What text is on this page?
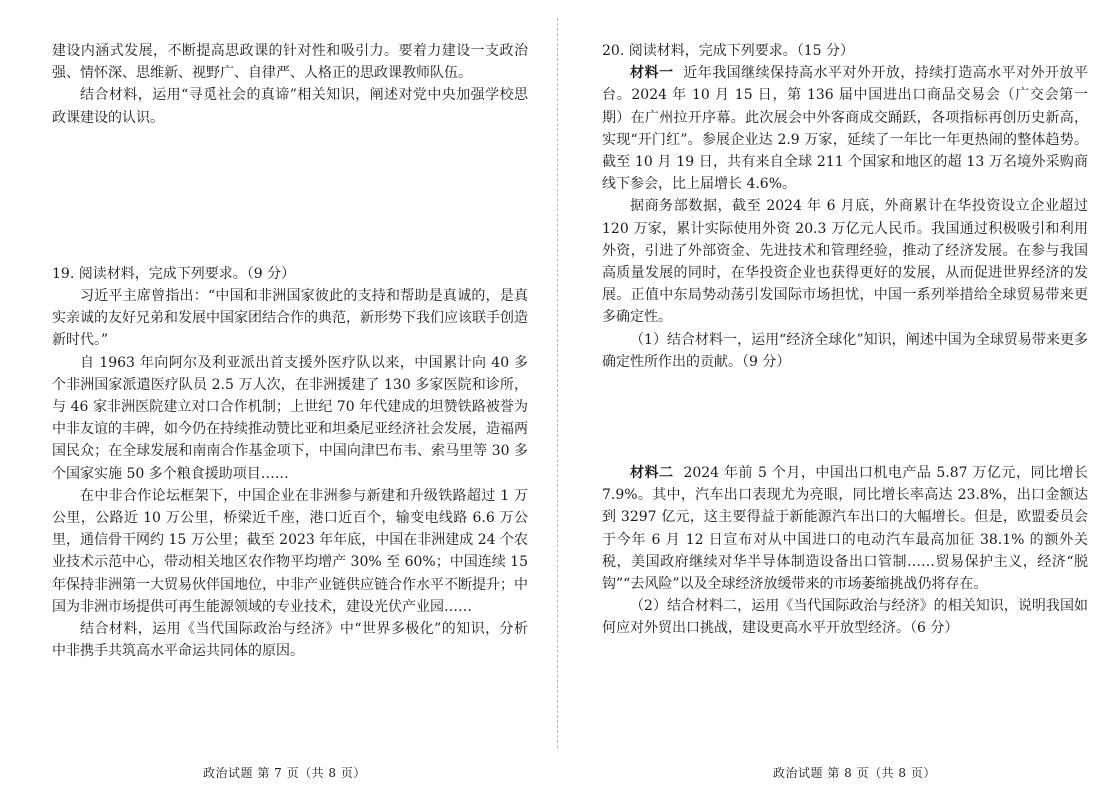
建设内涵式发展，不断提高思政课的针对性和吸引力。要着力建设一支政治强、情怀深、思维新、视野广、自律严、人格正的思政课教师队伍。

结合材料，运用“寻觅社会的真谛”相关知识，阐述对党中央加强学校思政课建设的认识。

19. 阅读材料，完成下列要求。（9 分）

习近平主席曾指出：“中国和非洲国家彼此的支持和帮助是真诚的，是真实亲诚的友好兄弟和发展中国家团结合作的典范，新形势下我们应该联手创造新时代。”

自 1963 年向阿尔及利亚派出首支援外医疗队以来，中国累计向 40 多个非洲国家派遣医疗队员 2.5 万人次，在非洲援建了 130 多家医院和诊所，与 46 家非洲医院建立对口合作机制；上世纪 70 年代建成的坦赞铁路被誉为中非友谊的丰碑，如今仍在持续推动赞比亚和坦桑尼亚经济社会发展，造福两国民众；在全球发展和南南合作基金项下，中国向津巴布韦、索马里等 30 多个国家实施 50 多个粮食援助项目……

在中非合作论坛框架下，中国企业在非洲参与新建和升级铁路超过 1 万公里，公路近 10 万公里，桥梁近千座，港口近百个，输变电线路 6.6 万公里，通信骨干网约 15 万公里；截至 2023 年年底，中国在非洲建成 24 个农业技术示范中心，带动相关地区农作物平均增产 30% 至 60%；中国连续 15 年保持非洲第一大贸易伙伴国地位，中非产业链供应链合作水平不断提升；中国为非洲市场提供可再生能源领域的专业技术，建设光伏产业园……

结合材料，运用《当代国际政治与经济》中“世界多极化”的知识，分析中非携手共筑高水平命运共同体的原因。

20. 阅读材料，完成下列要求。（15 分）

材料一 近年我国继续保持高水平对外开放，持续打造高水平对外开放平台。2024 年 10 月 15 日，第 136 届中国进出口商品交易会（广交会第一期）在广州拉开序幕。此次展会中外客商成交踊跃，各项指标再创历史新高，实现“开门红”。参展企业达 2.9 万家，延续了一年比一年更热闹的整体趋势。截至 10 月 19 日，共有来自全球 211 个国家和地区的超 13 万名境外采购商线下参会，比上届增长 4.6%。

据商务部数据，截至 2024 年 6 月底，外商累计在华投资设立企业超过 120 万家，累计实际使用外资 20.3 万亿元人民币。我国通过积极吸引和利用外资，引进了外部资金、先进技术和管理经验，推动了经济发展。在参与我国高质量发展的同时，在华投资企业也获得更好的发展，从而促进世界经济的发展。正值中东局势动荡引发国际市场担忧，中国一系列举措给全球贸易带来更多确定性。

（1）结合材料一，运用“经济全球化”知识，阐述中国为全球贸易带来更多确定性所作出的贡献。（9 分）

材料二 2024 年前 5 个月，中国出口机电产品 5.87 万亿元，同比增长 7.9%。其中，汽车出口表现尤为亮眼，同比增长率高达 23.8%，出口金额达到 3297 亿元，这主要得益于新能源汽车出口的大幅增长。但是，欧盟委员会于今年 6 月 12 日宣布对从中国进口的电动汽车最高加征 38.1% 的额外关税，美国政府继续对华半导体制造设备出口管制……贸易保护主义，经济“脱钩”“去风险”以及全球经济放缓带来的市场萎缩挑战仍将存在。

（2）结合材料二，运用《当代国际政治与经济》的相关知识，说明我国如何应对外贸出口挑战，建设更高水平开放型经济。（6 分）

政治试题 第 7 页（共 8 页）	政治试题 第 8 页（共 8 页）
